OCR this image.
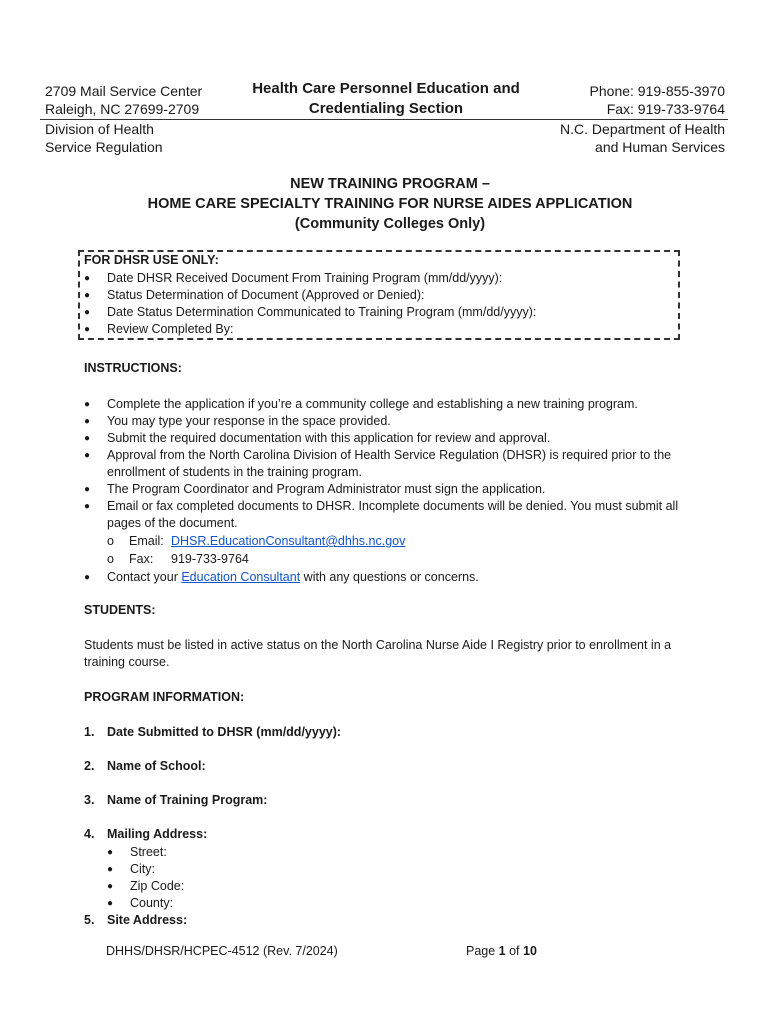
2709 Mail Service Center
Raleigh, NC 27699-2709
Division of Health
Service Regulation
Health Care Personnel Education and
Credentialing Section
Phone: 919-855-3970
Fax: 919-733-9764
N.C. Department of Health
and Human Services
NEW TRAINING PROGRAM –
HOME CARE SPECIALTY TRAINING FOR NURSE AIDES APPLICATION
(Community Colleges Only)
FOR DHSR USE ONLY:
●	Date DHSR Received Document From Training Program (mm/dd/yyyy):
●	Status Determination of Document (Approved or Denied):
●	Date Status Determination Communicated to Training Program (mm/dd/yyyy):
●	Review Completed By:
INSTRUCTIONS:
●	Complete the application if you’re a community college and establishing a new training program.
●	You may type your response in the space provided.
●	Submit the required documentation with this application for review and approval.
●	Approval from the North Carolina Division of Health Service Regulation (DHSR) is required prior to the
enrollment of students in the training program.
●	The Program Coordinator and Program Administrator must sign the application.
●	Email or fax completed documents to DHSR. Incomplete documents will be denied. You must submit all
pages of the document.
o	Email: DHSR.EducationConsultant@dhhs.nc.gov
o	Fax:	919-733-9764
●	Contact your Education Consultant with any questions or concerns.
STUDENTS:
Students must be listed in active status on the North Carolina Nurse Aide I Registry prior to enrollment in a
training course.
PROGRAM INFORMATION:
1.	Date Submitted to DHSR (mm/dd/yyyy):
2.	Name of School:
3.	Name of Training Program:
4.	Mailing Address:
●	Street:
●	City:
●	Zip Code:
●	County:
5.	Site Address:
DHHS/DHSR/HCPEC-4512 (Rev. 7/2024)	Page 1 of 10
